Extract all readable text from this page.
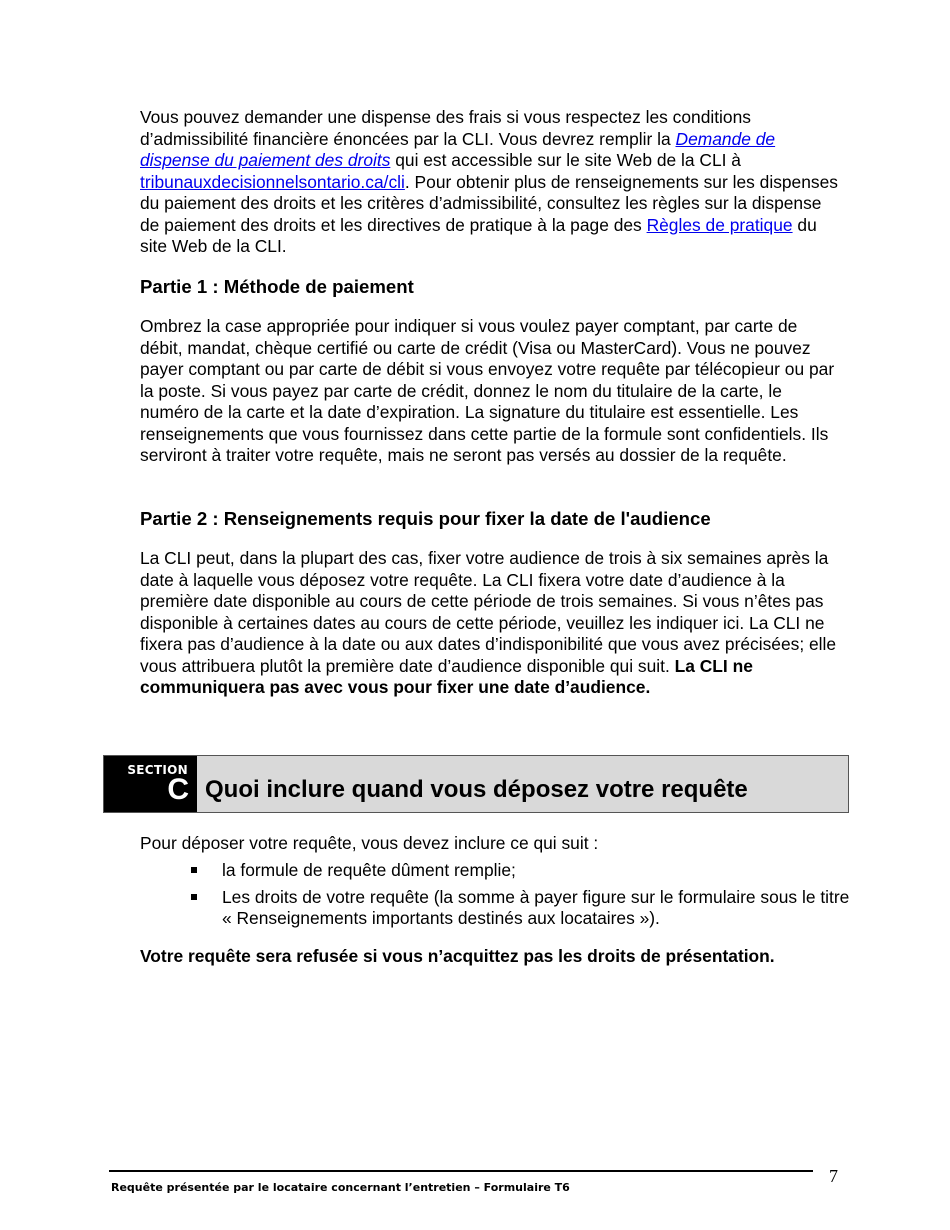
Vous pouvez demander une dispense des frais si vous respectez les conditions d’admissibilité financière énoncées par la CLI. Vous devrez remplir la Demande de dispense du paiement des droits qui est accessible sur le site Web de la CLI à tribunauxdecisionnelsontario.ca/cli. Pour obtenir plus de renseignements sur les dispenses du paiement des droits et les critères d’admissibilité, consultez les règles sur la dispense de paiement des droits et les directives de pratique à la page des Règles de pratique du site Web de la CLI.

Partie 1 : Méthode de paiement

Ombrez la case appropriée pour indiquer si vous voulez payer comptant, par carte de débit, mandat, chèque certifié ou carte de crédit (Visa ou MasterCard). Vous ne pouvez payer comptant ou par carte de débit si vous envoyez votre requête par télécopieur ou par la poste. Si vous payez par carte de crédit, donnez le nom du titulaire de la carte, le numéro de la carte et la date d’expiration. La signature du titulaire est essentielle. Les renseignements que vous fournissez dans cette partie de la formule sont confidentiels. Ils serviront à traiter votre requête, mais ne seront pas versés au dossier de la requête.

Partie 2 : Renseignements requis pour fixer la date de l'audience

La CLI peut, dans la plupart des cas, fixer votre audience de trois à six semaines après la date à laquelle vous déposez votre requête. La CLI fixera votre date d’audience à la première date disponible au cours de cette période de trois semaines. Si vous n’êtes pas disponible à certaines dates au cours de cette période, veuillez les indiquer ici. La CLI ne fixera pas d’audience à la date ou aux dates d’indisponibilité que vous avez précisées; elle vous attribuera plutôt la première date d’audience disponible qui suit. La CLI ne communiquera pas avec vous pour fixer une date d’audience.

SECTION
C Quoi inclure quand vous déposez votre requête

Pour déposer votre requête, vous devez inclure ce qui suit :

la formule de requête dûment remplie;
Les droits de votre requête (la somme à payer figure sur le formulaire sous le titre « Renseignements importants destinés aux locataires »).

Votre requête sera refusée si vous n’acquittez pas les droits de présentation.

Requête présentée par le locataire concernant l’entretien – Formulaire T6
7
